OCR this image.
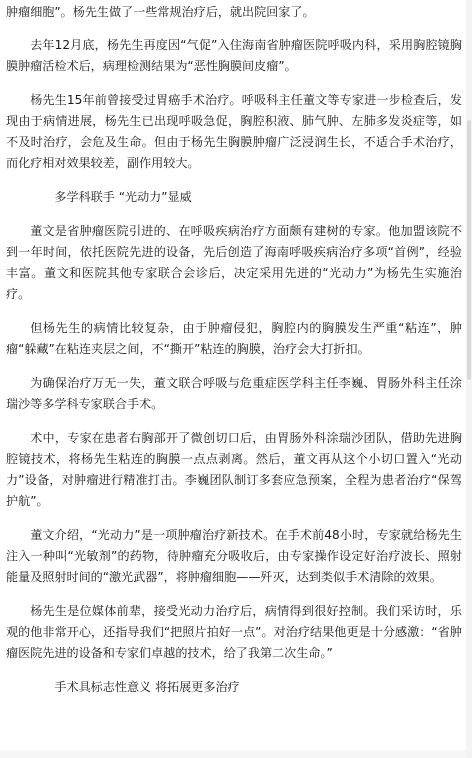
肿瘤细胞”。杨先生做了一些常规治疗后，就出院回家了。

去年12月底，杨先生再度因“气促”入住海南省肿瘤医院呼吸内科，采用胸腔镜胸膜肿瘤活检术后，病理检测结果为“恶性胸膜间皮瘤”。

杨先生15年前曾接受过胃癌手术治疗。呼吸科主任董文等专家进一步检查后，发现由于病情进展，杨先生已出现呼吸急促，胸腔积液、肺气肿、左肺多发炎症等，如不及时治疗，会危及生命。但由于杨先生胸膜肿瘤广泛浸润生长，不适合手术治疗，而化疗相对效果较差，副作用较大。

多学科联手 “光动力”显威

董文是省肿瘤医院引进的、在呼吸疾病治疗方面颇有建树的专家。他加盟该院不到一年时间，依托医院先进的设备，先后创造了海南呼吸疾病治疗多项“首例”，经验丰富。董文和医院其他专家联合会诊后，决定采用先进的“光动力”为杨先生实施治疗。

但杨先生的病情比较复杂，由于肿瘤侵犯，胸腔内的胸膜发生严重“粘连”，肿瘤“躲藏”在粘连夹层之间，不“撕开”粘连的胸膜，治疗会大打折扣。

为确保治疗万无一失，董文联合呼吸与危重症医学科主任李巍、胃肠外科主任涂瑞沙等多学科专家联合手术。

术中，专家在患者右胸部开了微创切口后，由胃肠外科涂瑞沙团队，借助先进胸腔镜技术，将杨先生粘连的胸膜一点点剥离。然后，董文再从这个小切口置入“光动力”设备，对肿瘤进行精准打击。李巍团队制订多套应急预案，全程为患者治疗“保驾护航”。

董文介绍，“光动力”是一项肿瘤治疗新技术。在手术前48小时，专家就给杨先生注入一种叫“光敏剂”的药物，待肿瘤充分吸收后，由专家操作设定好治疗波长、照射能量及照射时间的“激光武器”，将肿瘤细胞——歼灭，达到类似手术清除的效果。

杨先生是位媒体前辈，接受光动力治疗后，病情得到很好控制。我们采访时，乐观的他非常开心，还指导我们“把照片拍好一点”。对治疗结果他更是十分感激：“省肿瘤医院先进的设备和专家们卓越的技术，给了我第二次生命。”

手术具标志性意义 将拓展更多治疗
